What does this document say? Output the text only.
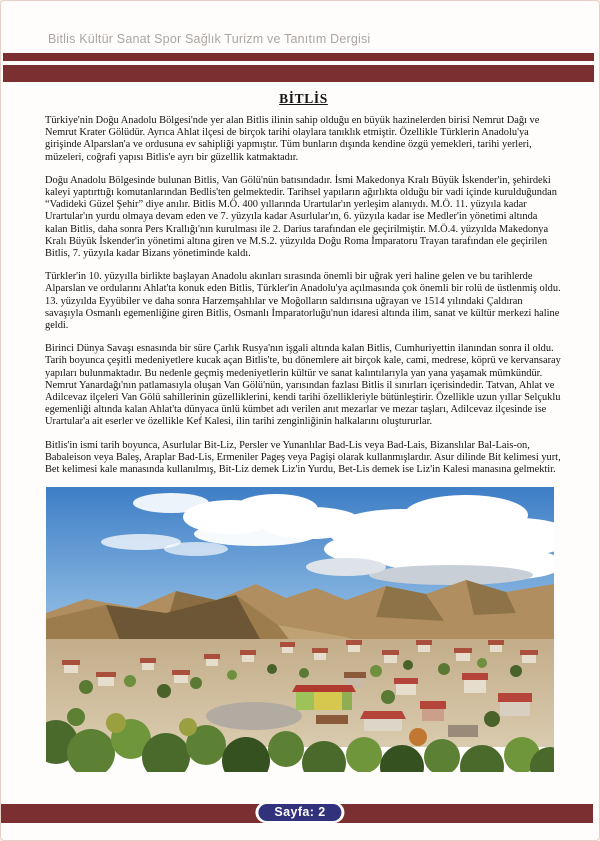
Bitlis Kültür Sanat Spor Sağlık Turizm ve Tanıtım Dergisi
BİTLİS

Türkiye'nin Doğu Anadolu Bölgesi'nde yer alan Bitlis ilinin sahip olduğu en büyük hazinelerden birisi Nemrut Dağı ve Nemrut Krater Gölüdür. Ayrıca Ahlat ilçesi de birçok tarihi olaylara tanıklık etmiştir. Özellikle Türklerin Anadolu'ya girişinde Alparslan'a ve ordusuna ev sahipliği yapmıştır. Tüm bunların dışında kendine özgü yemekleri, tarihi yerleri, müzeleri, coğrafi yapısı Bitlis'e ayrı bir güzellik katmaktadır.

Doğu Anadolu Bölgesinde bulunan Bitlis, Van Gölü'nün batısındadır. İsmi Makedonya Kralı Büyük İskender'in, şehirdeki kaleyi yaptırttığı komutanlarından Bedlis'ten gelmektedir. Tarihsel yapıların ağırlıkta olduğu bir vadi içinde kurulduğundan “Vadideki Güzel Şehir” diye anılır. Bitlis M.Ö. 400 yıllarında Urartular'ın yerleşim alanıydı. M.Ö. 11. yüzyıla kadar Urartular'ın yurdu olmaya devam eden ve 7. yüzyıla kadar Asurlular'ın, 6. yüzyıla kadar ise Medler'in yönetimi altında kalan Bitlis, daha sonra Pers Krallığı'nın kurulması ile 2. Darius tarafından ele geçirilmiştir. M.Ö.4. yüzyılda Makedonya Kralı Büyük İskender'in yönetimi altına giren ve M.S.2. yüzyılda Doğu Roma İmparatoru Trayan tarafından ele geçirilen Bitlis, 7. yüzyıla kadar Bizans yönetiminde kaldı.

Türkler'in 10. yüzyılla birlikte başlayan Anadolu akınları sırasında önemli bir uğrak yeri haline gelen ve bu tarihlerde Alparslan ve ordularını Ahlat'ta konuk eden Bitlis, Türkler'in Anadolu'ya açılmasında çok önemli bir rolü de üstlenmiş oldu. 13. yüzyılda Eyyübiler ve daha sonra Harzemşahlılar ve Moğolların saldırısına uğrayan ve 1514 yılındaki Çaldıran savaşıyla Osmanlı egemenliğine giren Bitlis, Osmanlı İmparatorluğu'nun idaresi altında ilim, sanat ve kültür merkezi haline geldi.

Birinci Dünya Savaşı esnasında bir süre Çarlık Rusya'nın işgali altında kalan Bitlis, Cumhuriyettin ilanından sonra il oldu. Tarih boyunca çeşitli medeniyetlere kucak açan Bitlis'te, bu dönemlere ait birçok kale, cami, medrese, köprü ve kervansaray yapıları bulunmaktadır. Bu nedenle geçmiş medeniyetlerin kültür ve sanat kalıntılarıyla yan yana yaşamak mümkündür. Nemrut Yanardağı'nın patlamasıyla oluşan Van Gölü'nün, yarısından fazlası Bitlis il sınırları içerisindedir. Tatvan, Ahlat ve Adilcevaz ilçeleri Van Gölü sahillerinin güzelliklerini, kendi tarihi özellikleriyle bütünleştirir. Özellikle uzun yıllar Selçuklu egemenliği altında kalan Ahlat'ta dünyaca ünlü kümbet adı verilen anıt mezarlar ve mezar taşları, Adilcevaz ilçesinde ise Urartular'a ait eserler ve özellikle Kef Kalesi, ilin tarihi zenginliğinin halkalarını oluştururlar.

Bitlis'in ismi tarih boyunca, Asurlular Bit-Liz, Persler ve Yunanlılar Bad-Lis veya Bad-Lais, Bizanslılar Bal-Lais-on, Babaleison veya Baleş, Araplar Bad-Lis, Ermeniler Pageş veya Pagişi olarak kullanmışlardır. Asur dilinde Bit kelimesi yurt, Bet kelimesi kale manasında kullanılmış, Bit-Liz demek Liz'in Yurdu, Bet-Lis demek ise Liz'in Kalesi manasına gelmektir.

Sayfa: 2
